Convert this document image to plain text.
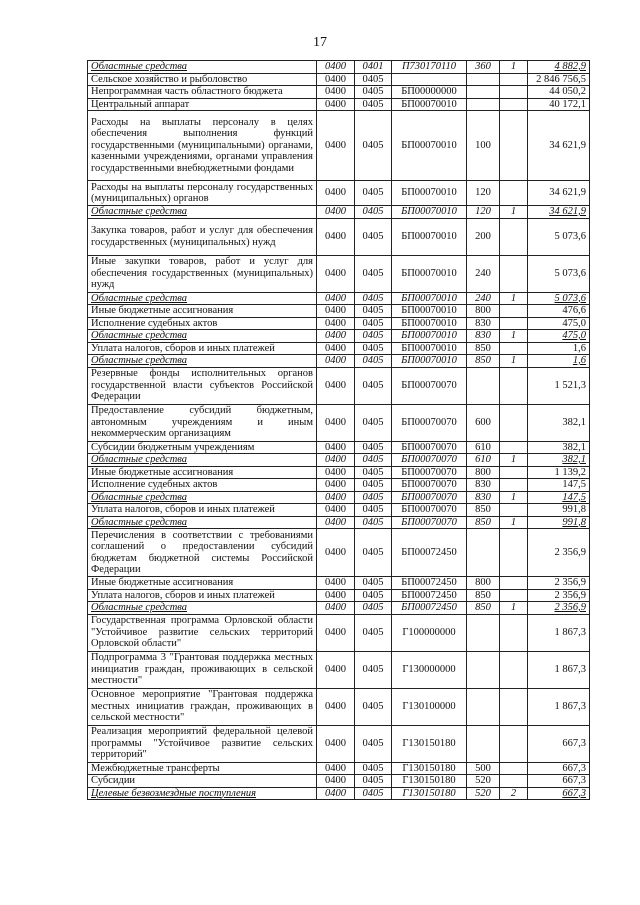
17
Областные средства	0400	0401	П730170110	360	1	4 882,9
Сельское хозяйство и рыболовство	0400	0405				2 846 756,5
Непрограммная часть областного бюджета	0400	0405	БП00000000			44 050,2
Центральный аппарат	0400	0405	БП00070010			40 172,1
Расходы на выплаты персоналу в целях обеспечения выполнения функций государственными (муниципальными) органами, казенными учреждениями, органами управления государственными внебюджетными фондами	0400	0405	БП00070010	100		34 621,9
Расходы на выплаты персоналу государственных (муниципальных) органов	0400	0405	БП00070010	120		34 621,9
Областные средства	0400	0405	БП00070010	120	1	34 621,9
Закупка товаров, работ и услуг для обеспечения государственных (муниципальных) нужд	0400	0405	БП00070010	200		5 073,6
Иные закупки товаров, работ и услуг для обеспечения государственных (муниципальных) нужд	0400	0405	БП00070010	240		5 073,6
Областные средства	0400	0405	БП00070010	240	1	5 073,6
Иные бюджетные ассигнования	0400	0405	БП00070010	800		476,6
Исполнение судебных актов	0400	0405	БП00070010	830		475,0
Областные средства	0400	0405	БП00070010	830	1	475,0
Уплата налогов, сборов и иных платежей	0400	0405	БП00070010	850		1,6
Областные средства	0400	0405	БП00070010	850	1	1,6
Резервные фонды исполнительных органов государственной власти субъектов Российской Федерации	0400	0405	БП00070070			1 521,3
Предоставление субсидий бюджетным, автономным учреждениям и иным некоммерческим организациям	0400	0405	БП00070070	600		382,1
Субсидии бюджетным учреждениям	0400	0405	БП00070070	610		382,1
Областные средства	0400	0405	БП00070070	610	1	382,1
Иные бюджетные ассигнования	0400	0405	БП00070070	800		1 139,2
Исполнение судебных актов	0400	0405	БП00070070	830		147,5
Областные средства	0400	0405	БП00070070	830	1	147,5
Уплата налогов, сборов и иных платежей	0400	0405	БП00070070	850		991,8
Областные средства	0400	0405	БП00070070	850	1	991,8
Перечисления в соответствии с требованиями соглашений о предоставлении субсидий бюджетам бюджетной системы Российской Федерации	0400	0405	БП00072450			2 356,9
Иные бюджетные ассигнования	0400	0405	БП00072450	800		2 356,9
Уплата налогов, сборов и иных платежей	0400	0405	БП00072450	850		2 356,9
Областные средства	0400	0405	БП00072450	850	1	2 356,9
Государственная программа Орловской области "Устойчивое развитие сельских территорий Орловской области"	0400	0405	Г100000000			1 867,3
Подпрограмма 3 "Грантовая поддержка местных инициатив граждан, проживающих в сельской местности"	0400	0405	Г130000000			1 867,3
Основное мероприятие "Грантовая поддержка местных инициатив граждан, проживающих в сельской местности"	0400	0405	Г130100000			1 867,3
Реализация мероприятий федеральной целевой программы "Устойчивое развитие сельских территорий"	0400	0405	Г130150180			667,3
Межбюджетные трансферты	0400	0405	Г130150180	500		667,3
Субсидии	0400	0405	Г130150180	520		667,3
Целевые безвозмездные поступления	0400	0405	Г130150180	520	2	667,3
